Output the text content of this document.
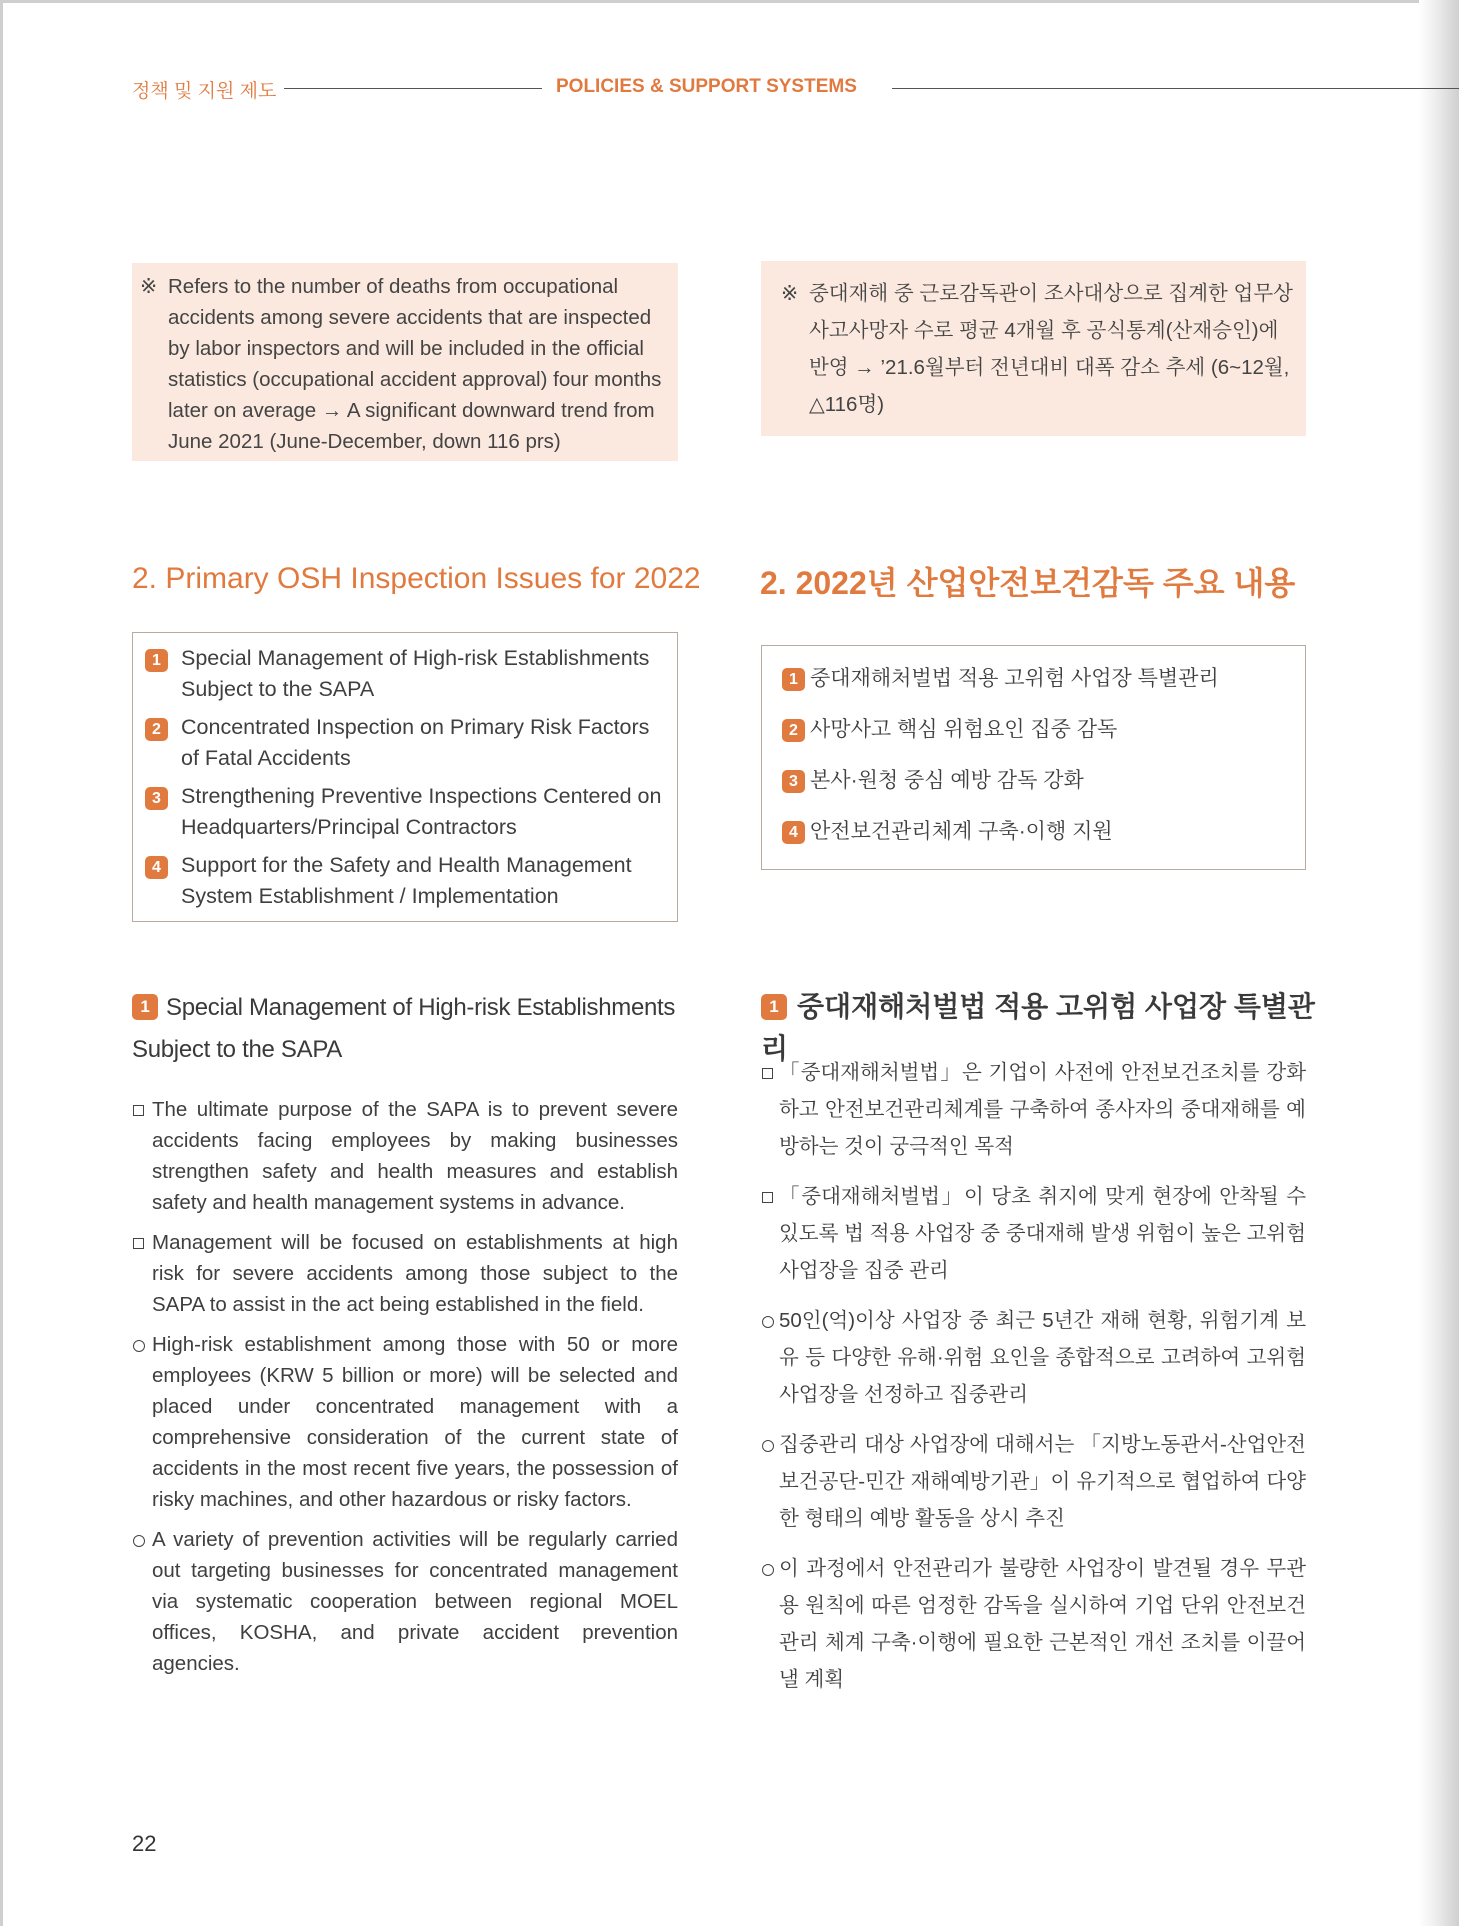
정책 및 지원 제도	POLICIES & SUPPORT SYSTEMS
※ Refers to the number of deaths from occupational accidents among severe accidents that are inspected by labor inspectors and will be included in the official statistics (occupational accident approval) four months later on average → A significant downward trend from June 2021 (June-December, down 116 prs)
※ 중대재해 중 근로감독관이 조사대상으로 집계한 업무상 사고사망자 수로 평균 4개월 후 공식통계(산재승인)에 반영 → ’21.6월부터 전년대비 대폭 감소 추세 (6~12월, △116명)
2. Primary OSH Inspection Issues for 2022 2. 2022년 산업안전보건감독 주요 내용
1 Special Management of High-risk Establishments Subject to the SAPA
2 Concentrated Inspection on Primary Risk Factors of Fatal Accidents
3 Strengthening Preventive Inspections Centered on Headquarters/Principal Contractors
4 Support for the Safety and Health Management System Establishment / Implementation
1 중대재해처벌법 적용 고위험 사업장 특별관리
2 사망사고 핵심 위험요인 집중 감독
3 본사·원청 중심 예방 감독 강화
4 안전보건관리체계 구축·이행 지원
1 Special Management of High-risk Establishments Subject to the SAPA
1 중대재해처벌법 적용 고위험 사업장 특별관리
The ultimate purpose of the SAPA is to prevent severe accidents facing employees by making businesses strengthen safety and health measures and establish safety and health management systems in advance.
Management will be focused on establishments at high risk for severe accidents among those subject to the SAPA to assist in the act being established in the field.
High-risk establishment among those with 50 or more employees (KRW 5 billion or more) will be selected and placed under concentrated management with a comprehensive consideration of the current state of accidents in the most recent five years, the possession of risky machines, and other hazardous or risky factors.
A variety of prevention activities will be regularly carried out targeting businesses for concentrated management via systematic cooperation between regional MOEL offices, KOSHA, and private accident prevention agencies.
「중대재해처벌법」은 기업이 사전에 안전보건조치를 강화하고 안전보건관리체계를 구축하여 종사자의 중대재해를 예방하는 것이 궁극적인 목적
「중대재해처벌법」이 당초 취지에 맞게 현장에 안착될 수 있도록 법 적용 사업장 중 중대재해 발생 위험이 높은 고위험 사업장을 집중 관리
50인(억)이상 사업장 중 최근 5년간 재해 현황, 위험기계 보유 등 다양한 유해·위험 요인을 종합적으로 고려하여 고위험 사업장을 선정하고 집중관리
집중관리 대상 사업장에 대해서는 「지방노동관서-산업안전보건공단-민간 재해예방기관」이 유기적으로 협업하여 다양한 형태의 예방 활동을 상시 추진
이 과정에서 안전관리가 불량한 사업장이 발견될 경우 무관용 원칙에 따른 엄정한 감독을 실시하여 기업 단위 안전보건관리 체계 구축·이행에 필요한 근본적인 개선 조치를 이끌어 낼 계획
22
